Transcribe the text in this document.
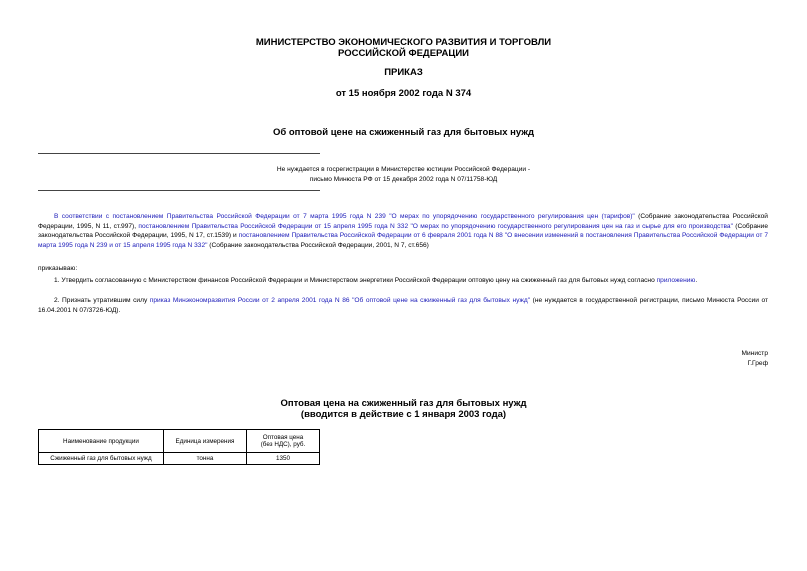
МИНИСТЕРСТВО ЭКОНОМИЧЕСКОГО РАЗВИТИЯ И ТОРГОВЛИ
РОССИЙСКОЙ ФЕДЕРАЦИИ
ПРИКАЗ
от 15 ноября 2002 года N 374
Об оптовой цене на сжиженный газ для бытовых нужд
Не нуждается в госрегистрации в Министерстве юстиции Российской Федерации -
письмо Минюста РФ от 15 декабря 2002 года N 07/11758-ЮД
В соответствии с постановлением Правительства Российской Федерации от 7 марта 1995 года N 239 "О мерах по упорядочению государственного регулирования цен (тарифов)" (Собрание законодательства Российской Федерации, 1995, N 11, ст.997), постановлением Правительства Российской Федерации от 15 апреля 1995 года N 332 "О мерах по упорядочению государственного регулирования цен на газ и сырье для его производства" (Собрание законодательства Российской Федерации, 1995, N 17, ст.1539) и постановлением Правительства Российской Федерации от 6 февраля 2001 года N 88 "О внесении изменений в постановления Правительства Российской Федерации от 7 марта 1995 года N 239 и от 15 апреля 1995 года N 332" (Собрание законодательства Российской Федерации, 2001, N 7, ст.656)
приказываю:
1. Утвердить согласованную с Министерством финансов Российской Федерации и Министерством энергетики Российской Федерации оптовую цену на сжиженный газ для бытовых нужд согласно приложению.
2. Признать утратившим силу приказ Минэкономразвития России от 2 апреля 2001 года N 86 "Об оптовой цене на сжиженный газ для бытовых нужд" (не нуждается в государственной регистрации, письмо Минюста России от 16.04.2001 N 07/3726-ЮД).
Министр
Г.Греф
Оптовая цена на сжиженный газ для бытовых нужд
(вводится в действие с 1 января 2003 года)
Наименование продукции	Единица измерения	Оптовая цена
(без НДС), руб.

Сжиженный газ для бытовых нужд	тонна	1350
